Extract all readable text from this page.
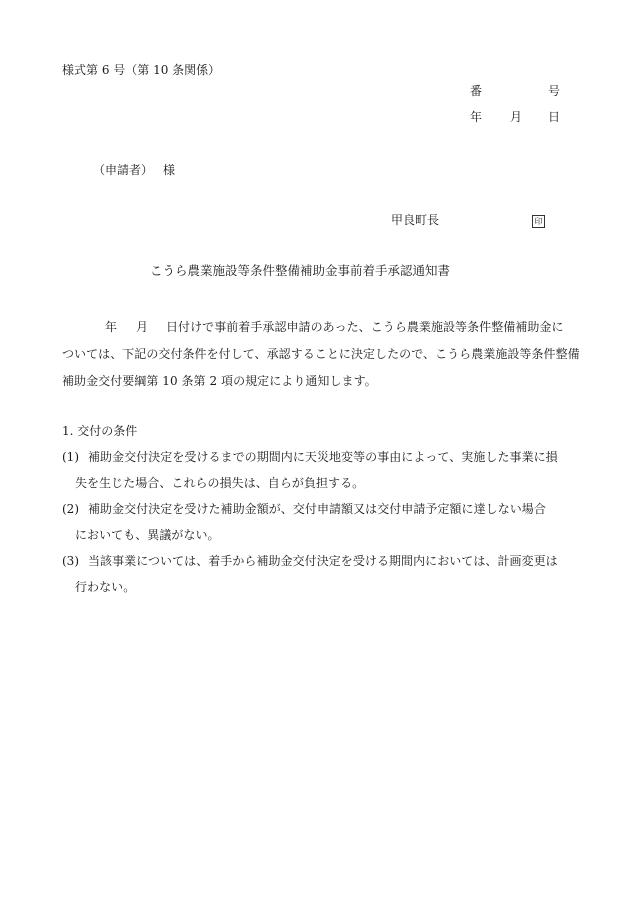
様式第 6 号（第 10 条関係）
番	号
年 月 日
（申請者） 様
甲良町長	印
こうら農業施設等条件整備補助金事前着手承認通知書
年 月 日付けで事前着手承認申請のあった、こうら農業施設等条件整備補助金に
ついては、下記の交付条件を付して、承認することに決定したので、こうら農業施設等条件整備
補助金交付要綱第 10 条第 2 項の規定により通知します。
1. 交付の条件
(1) 補助金交付決定を受けるまでの期間内に天災地変等の事由によって、実施した事業に損
失を生じた場合、これらの損失は、自らが負担する。
(2) 補助金交付決定を受けた補助金額が、交付申請額又は交付申請予定額に達しない場合
においても、異議がない。
(3) 当該事業については、着手から補助金交付決定を受ける期間内においては、計画変更は
行わない。
